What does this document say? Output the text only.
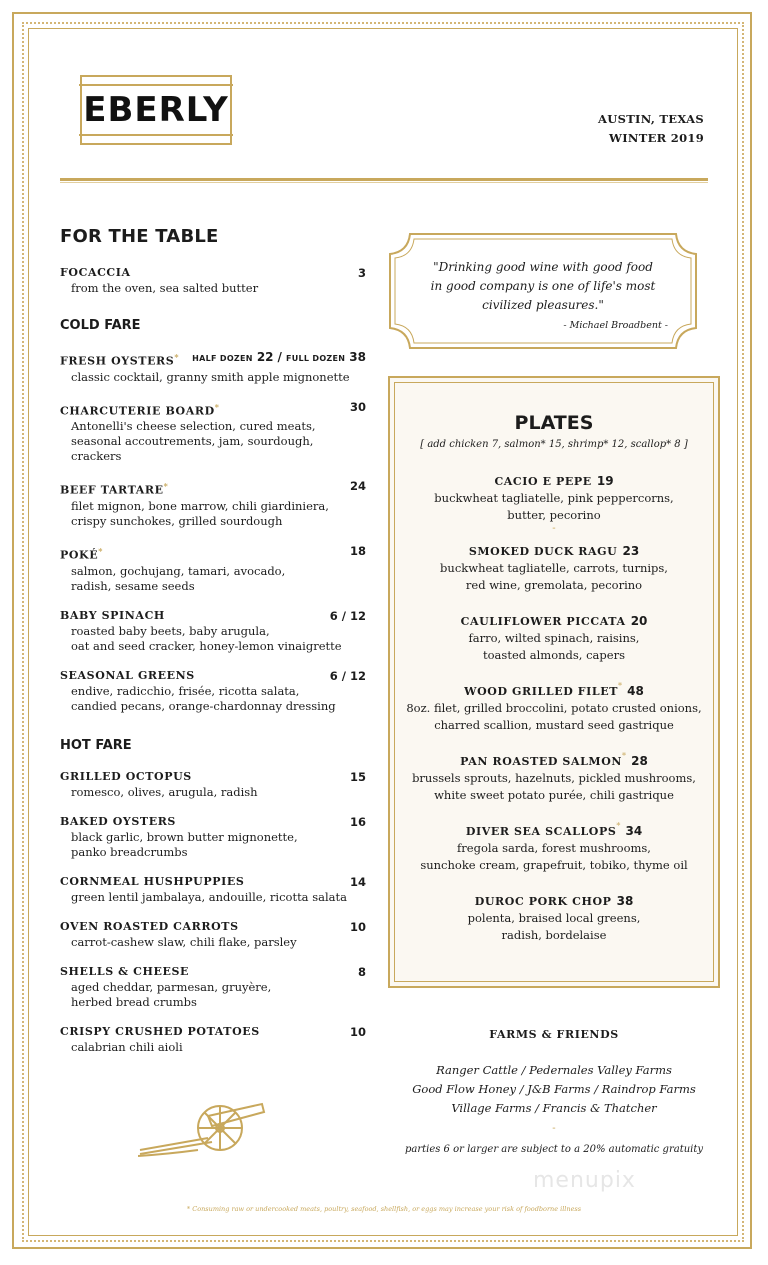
EBERLY	AUSTIN, TEXAS
WINTER 2019
FOR THE TABLE
FOCACCIA	3
from the oven, sea salted butter
COLD FARE
FRESH OYSTERS*	HALF DOZEN 22 / FULL DOZEN 38
classic cocktail, granny smith apple mignonette
CHARCUTERIE BOARD*	30
Antonelli's cheese selection, cured meats,
seasonal accoutrements, jam, sourdough, crackers
BEEF TARTARE*	24
filet mignon, bone marrow, chili giardiniera,
crispy sunchokes, grilled sourdough
POKÉ*	18
salmon, gochujang, tamari, avocado,
radish, sesame seeds
BABY SPINACH	6 / 12
roasted baby beets, baby arugula,
oat and seed cracker, honey-lemon vinaigrette
SEASONAL GREENS	6 / 12
endive, radicchio, frisée, ricotta salata,
candied pecans, orange-chardonnay dressing
HOT FARE
GRILLED OCTOPUS	15
romesco, olives, arugula, radish
BAKED OYSTERS	16
black garlic, brown butter mignonette,
panko breadcrumbs
CORNMEAL HUSHPUPPIES	14
green lentil jambalaya, andouille, ricotta salata
OVEN ROASTED CARROTS	10
carrot-cashew slaw, chili flake, parsley
SHELLS & CHEESE	8
aged cheddar, parmesan, gruyère,
herbed bread crumbs
CRISPY CRUSHED POTATOES	10
calabrian chili aioli
"Drinking good wine with good food
in good company is one of life's most
civilized pleasures."
- Michael Broadbent -
PLATES
[ add chicken 7, salmon* 15, shrimp* 12, scallop* 8 ]
CACIO E PEPE 19
buckwheat tagliatelle, pink peppercorns,
butter, pecorino
-
SMOKED DUCK RAGU 23
buckwheat tagliatelle, carrots, turnips,
red wine, gremolata, pecorino
CAULIFLOWER PICCATA 20
farro, wilted spinach, raisins,
toasted almonds, capers
WOOD GRILLED FILET* 48
8oz. filet, grilled broccolini, potato crusted onions,
charred scallion, mustard seed gastrique
PAN ROASTED SALMON* 28
brussels sprouts, hazelnuts, pickled mushrooms,
white sweet potato purée, chili gastrique
DIVER SEA SCALLOPS* 34
fregola sarda, forest mushrooms,
sunchoke cream, grapefruit, tobiko, thyme oil
DUROC PORK CHOP 38
polenta, braised local greens,
radish, bordelaise
FARMS & FRIENDS
Ranger Cattle / Pedernales Valley Farms
Good Flow Honey / J&B Farms / Raindrop Farms
Village Farms / Francis & Thatcher
-
parties 6 or larger are subject to a 20% automatic gratuity
menupix
* Consuming raw or undercooked meats, poultry, seafood, shellfish, or eggs may increase your risk of foodborne illness
